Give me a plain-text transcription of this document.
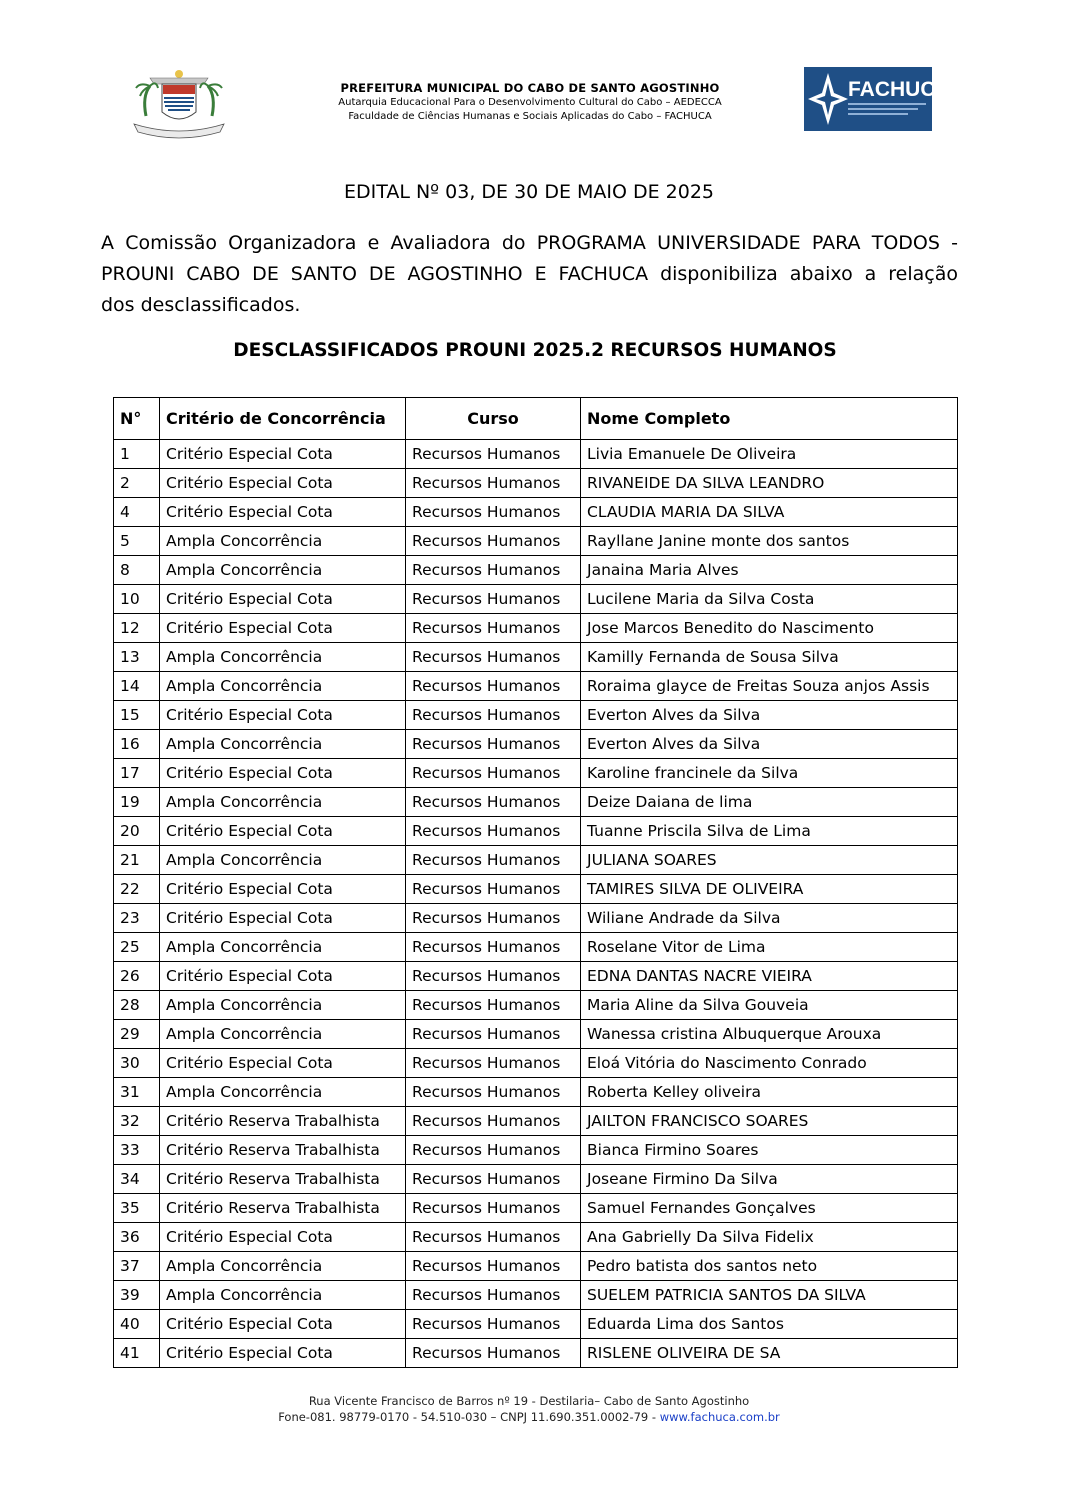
PREFEITURA MUNICIPAL DO CABO DE SANTO AGOSTINHO
Autarquia Educacional Para o Desenvolvimento Cultural do Cabo – AEDECCA
Faculdade de Ciências Humanas e Sociais Aplicadas do Cabo – FACHUCA
FACHUCA
EDITAL Nº 03, DE 30 DE MAIO DE 2025
A Comissão Organizadora e Avaliadora do PROGRAMA UNIVERSIDADE PARA TODOS -
PROUNI CABO DE SANTO DE AGOSTINHO E FACHUCA disponibiliza abaixo a relação
dos desclassificados.
DESCLASSIFICADOS PROUNI 2025.2 RECURSOS HUMANOS
N°	Critério de Concorrência	Curso	Nome Completo
1	Critério Especial Cota	Recursos Humanos	Livia Emanuele De Oliveira
2	Critério Especial Cota	Recursos Humanos	RIVANEIDE DA SILVA LEANDRO
4	Critério Especial Cota	Recursos Humanos	CLAUDIA MARIA DA SILVA
5	Ampla Concorrência	Recursos Humanos	Rayllane Janine monte dos santos
8	Ampla Concorrência	Recursos Humanos	Janaina Maria Alves
10	Critério Especial Cota	Recursos Humanos	Lucilene Maria da Silva Costa
12	Critério Especial Cota	Recursos Humanos	Jose Marcos Benedito do Nascimento
13	Ampla Concorrência	Recursos Humanos	Kamilly Fernanda de Sousa Silva
14	Ampla Concorrência	Recursos Humanos	Roraima glayce de Freitas Souza anjos Assis
15	Critério Especial Cota	Recursos Humanos	Everton Alves da Silva
16	Ampla Concorrência	Recursos Humanos	Everton Alves da Silva
17	Critério Especial Cota	Recursos Humanos	Karoline francinele da Silva
19	Ampla Concorrência	Recursos Humanos	Deize Daiana de lima
20	Critério Especial Cota	Recursos Humanos	Tuanne Priscila Silva de Lima
21	Ampla Concorrência	Recursos Humanos	JULIANA SOARES
22	Critério Especial Cota	Recursos Humanos	TAMIRES SILVA DE OLIVEIRA
23	Critério Especial Cota	Recursos Humanos	Wiliane Andrade da Silva
25	Ampla Concorrência	Recursos Humanos	Roselane Vitor de Lima
26	Critério Especial Cota	Recursos Humanos	EDNA DANTAS NACRE VIEIRA
28	Ampla Concorrência	Recursos Humanos	Maria Aline da Silva Gouveia
29	Ampla Concorrência	Recursos Humanos	Wanessa cristina Albuquerque Arouxa
30	Critério Especial Cota	Recursos Humanos	Eloá Vitória do Nascimento Conrado
31	Ampla Concorrência	Recursos Humanos	Roberta Kelley oliveira
32	Critério Reserva Trabalhista	Recursos Humanos	JAILTON FRANCISCO SOARES
33	Critério Reserva Trabalhista	Recursos Humanos	Bianca Firmino Soares
34	Critério Reserva Trabalhista	Recursos Humanos	Joseane Firmino Da Silva
35	Critério Reserva Trabalhista	Recursos Humanos	Samuel Fernandes Gonçalves
36	Critério Especial Cota	Recursos Humanos	Ana Gabrielly Da Silva Fidelix
37	Ampla Concorrência	Recursos Humanos	Pedro batista dos santos neto
39	Ampla Concorrência	Recursos Humanos	SUELEM PATRICIA SANTOS DA SILVA
40	Critério Especial Cota	Recursos Humanos	Eduarda Lima dos Santos
41	Critério Especial Cota	Recursos Humanos	RISLENE OLIVEIRA DE SA
Rua Vicente Francisco de Barros nº 19 - Destilaria– Cabo de Santo Agostinho
Fone-081. 98779-0170 - 54.510-030 – CNPJ 11.690.351.0002-79 - www.fachuca.com.br
